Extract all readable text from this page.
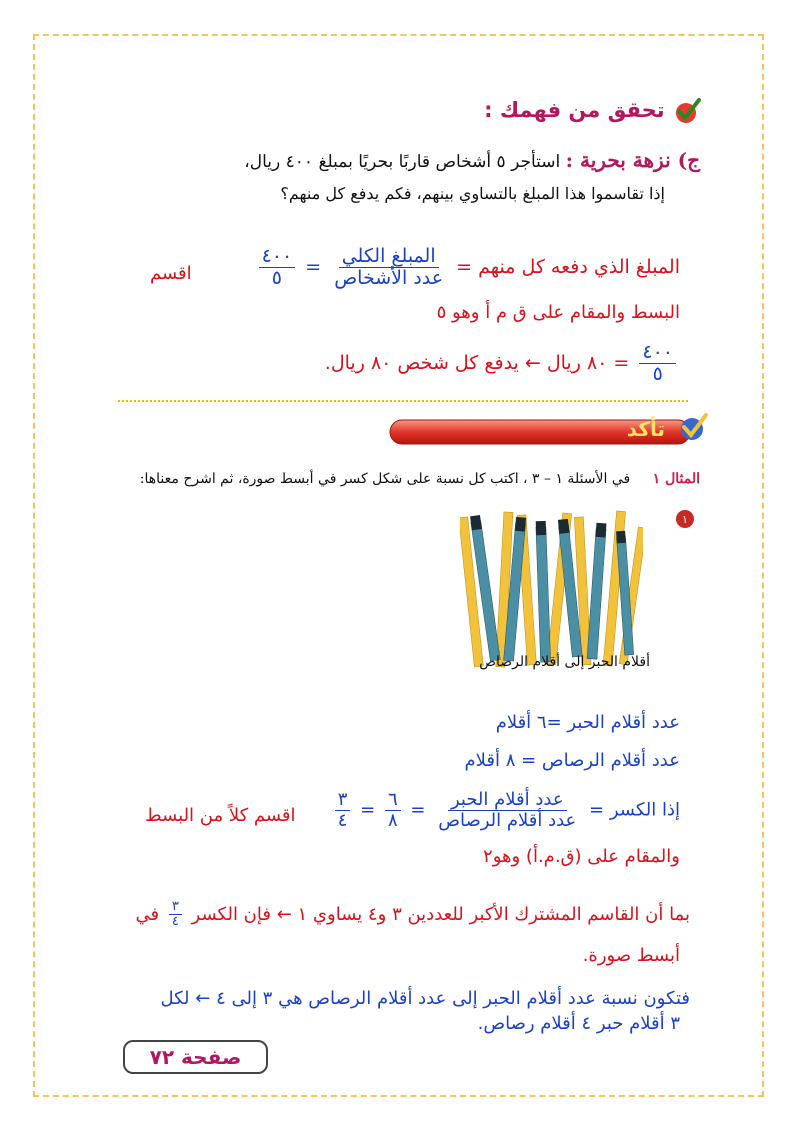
تحقق من فهمك :
ج) نزهة بحرية : استأجر ٥ أشخاص قاربًا بحريًا بمبلغ ٤٠٠ ريال،
إذا تقاسموا هذا المبلغ بالتساوي بينهم، فكم يدفع كل منهم؟
المبلغ الذي دفعه كل منهم =
$\frac{\text{المبلغ الكلي}}{\text{عدد الأشخاص}}$
=
$\frac{٤٠٠}{٥}$
اقسم
البسط والمقام على ق م أ وهو ٥
$\frac{٤٠٠}{٥}$
= ٨٠ ريال ← يدفع كل شخص ٨٠ ريال.
تأكد
المثال ١ في الأسئلة ١ – ٣ ، اكتب كل نسبة على شكل كسر في أبسط صورة، ثم اشرح معناها:
١
أقلام الحبر إلى أقلام الرصاص
عدد أقلام الحبر =٦ أقلام
عدد أقلام الرصاص = ٨ أقلام
إذا الكسر =
$\frac{\text{عدد أقلام الحبر}}{\text{عدد أقلام الرصاص}}$
=
$\frac{٦}{٨}$
=
$\frac{٣}{٤}$
اقسم كلاً من البسط
والمقام على (ق.م.أ) وهو٢
بما أن القاسم المشترك الأكبر للعددين ٣ و٤ يساوي ١ ← فإن الكسر
$\frac{٣}{٤}$
في
أبسط صورة.
فتكون نسبة عدد أقلام الحبر إلى عدد أقلام الرصاص هي ٣ إلى ٤ ← لكل
٣ أقلام حبر ٤ أقلام رصاص.
صفحة ٧٢
